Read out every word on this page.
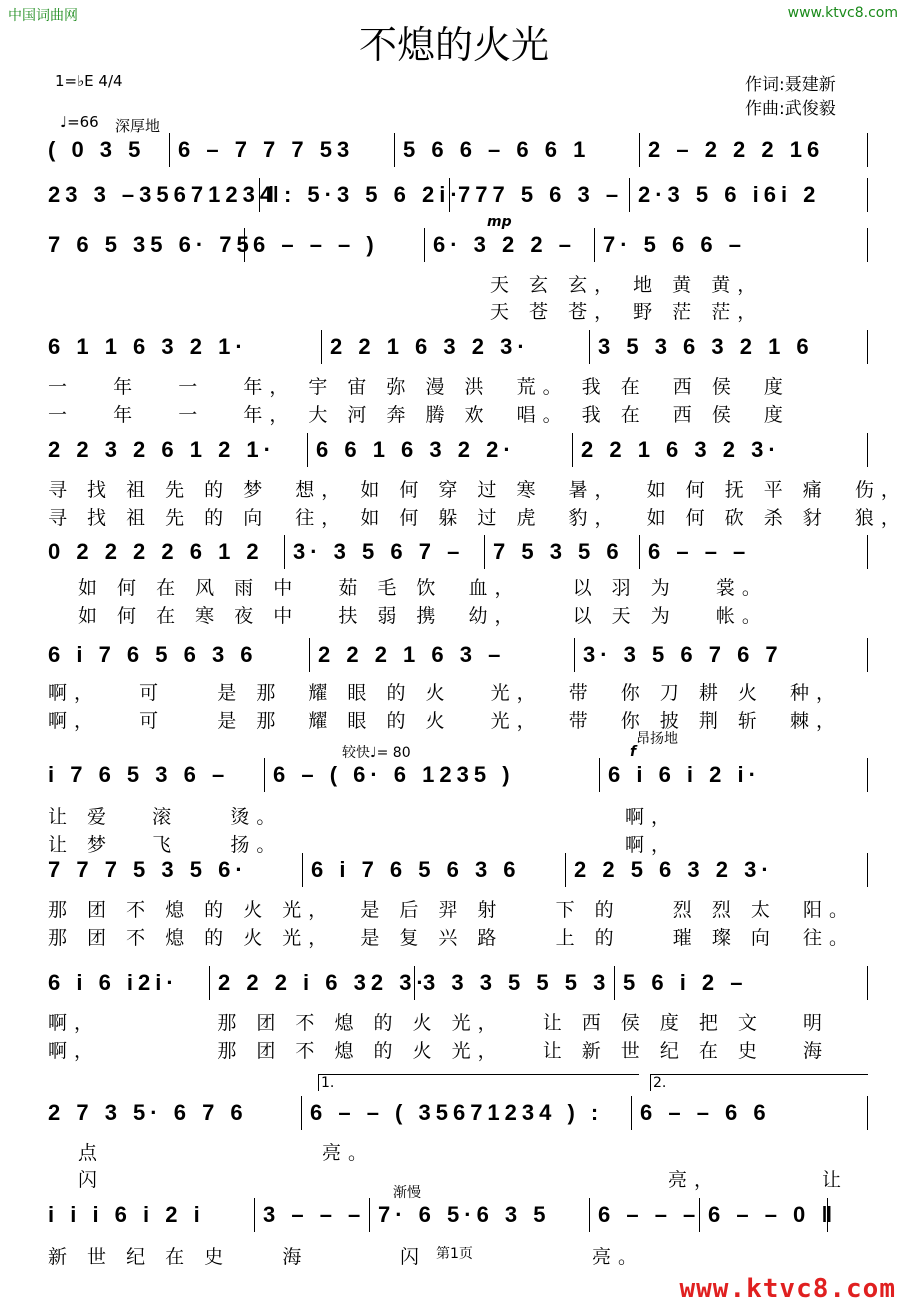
中国词曲网	www.ktvc8.com
不熄的火光
作词:聂建新
作曲:武俊毅
1=♭E 4/4
♩=66 深厚地
mp
较快♩= 80
昂扬地
f
1.	2.
渐慢
第1页
www.ktvc8.com
( 0 3 5	6 – 7 7 7 53	5 6 6 – 6 6 1	2 – 2 2 2 16
23 3 –35671234
‖: 5·3 5 6 2i·
777 5 6 3 – 2·3 5 6 i6i 2
7 6 5 35 6· 75 6 – – – )	6· 3 2 2 –	7· 5 6 6 –
6 1 1 6 3 2 1·	2 2 1 6 3 2 3·	3 5 3 6 3 2 1 6
2 2 3 2 6 1 2 1·	6 6 1 6 3 2 2·	2 2 1 6 3 2 3·
0 2 2 2 2 6 1 2	3· 3 5 6 7 –	7 5 3 5 6	6 – – –
6 i 7 6 5 6 3 6	2 2 2 1 6 3 –	3· 3 5 6 7 6 7
i 7 6 5 3 6 –	6 – ( 6· 6 1235 )	6 i 6 i 2 i·
7 7 7 5 3 5 6·	6 i 7 6 5 6 3 6	2 2 5 6 3 2 3·
6 i 6 i2i·	2 2 2 i 6 32 3·
3 3 3 5 5 5 3 5 6 i 2 –
2 7 3 5· 6 7 6	6 – – ( 35671234 ) :	6 – – 6 6
i i i 6 i 2 i	3 – – – 7· 6 5·6 3 5	6 – – – 6 – – 0 ‖
天 玄 玄， 地 黄 黄，
天 苍 苍， 野 茫 茫，
一   年   一   年， 宇 宙 弥 漫 洪  荒。 我 在  西 侯  度
一   年   一   年， 大 河 奔 腾 欢  唱。 我 在  西 侯  度
寻 找 祖 先 的 梦  想， 如 何 穿 过 寒  暑，  如 何 抚 平 痛  伤，
寻 找 祖 先 的 向  往， 如 何 躲 过 虎  豹，  如 何 砍 杀 豺  狼，
如 何 在 风 雨 中   茹 毛 饮  血，    以 羽 为   裳。
如 何 在 寒 夜 中   扶 弱 携  幼，    以 天 为   帐。
啊，   可    是 那  耀 眼 的 火   光，  带  你 刀 耕 火  种，
啊，   可    是 那  耀 眼 的 火   光，  带  你 披 荆 斩  棘，
让 爱   滚    烫。
让 梦   飞    扬。
啊，
啊，
那 团 不 熄 的 火 光，  是 后 羿 射    下 的    烈 烈 太  阳。
那 团 不 熄 的 火 光，  是 复 兴 路    上 的    璀 璨 向  往。
啊，         那 团 不 熄 的 火 光，   让 西 侯 度 把 文   明
啊，         那 团 不 熄 的 火 光，   让 新 世 纪 在 史   海
点	亮。
闪	亮，	让
新 世 纪 在 史    海	闪	亮。
